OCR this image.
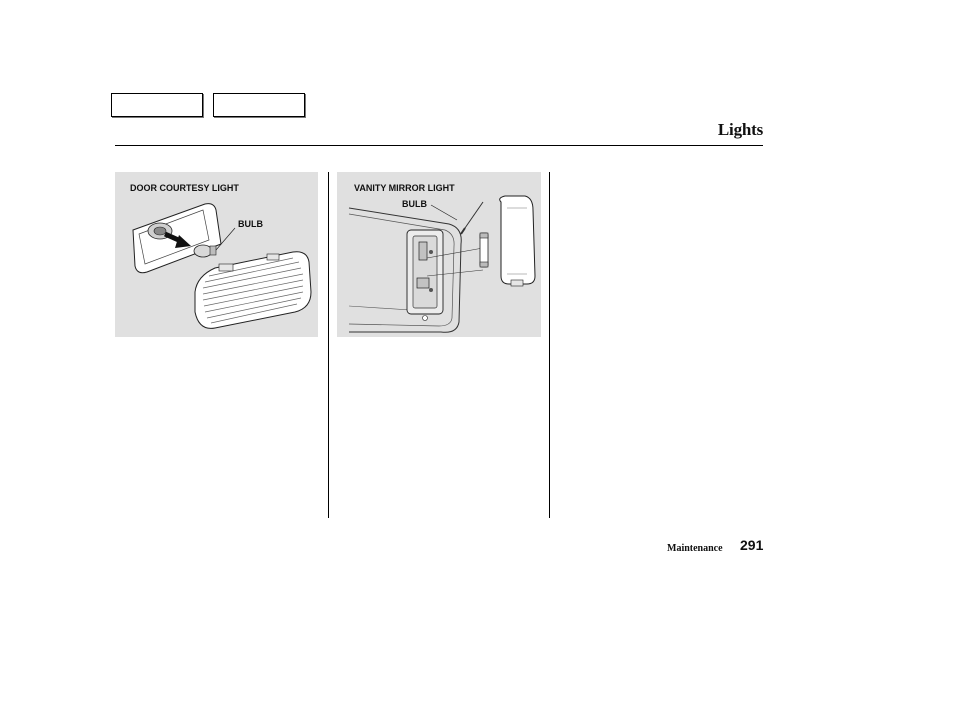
Lights
DOOR COURTESY LIGHT
BULB
VANITY MIRROR LIGHT
BULB
Maintenance 291
